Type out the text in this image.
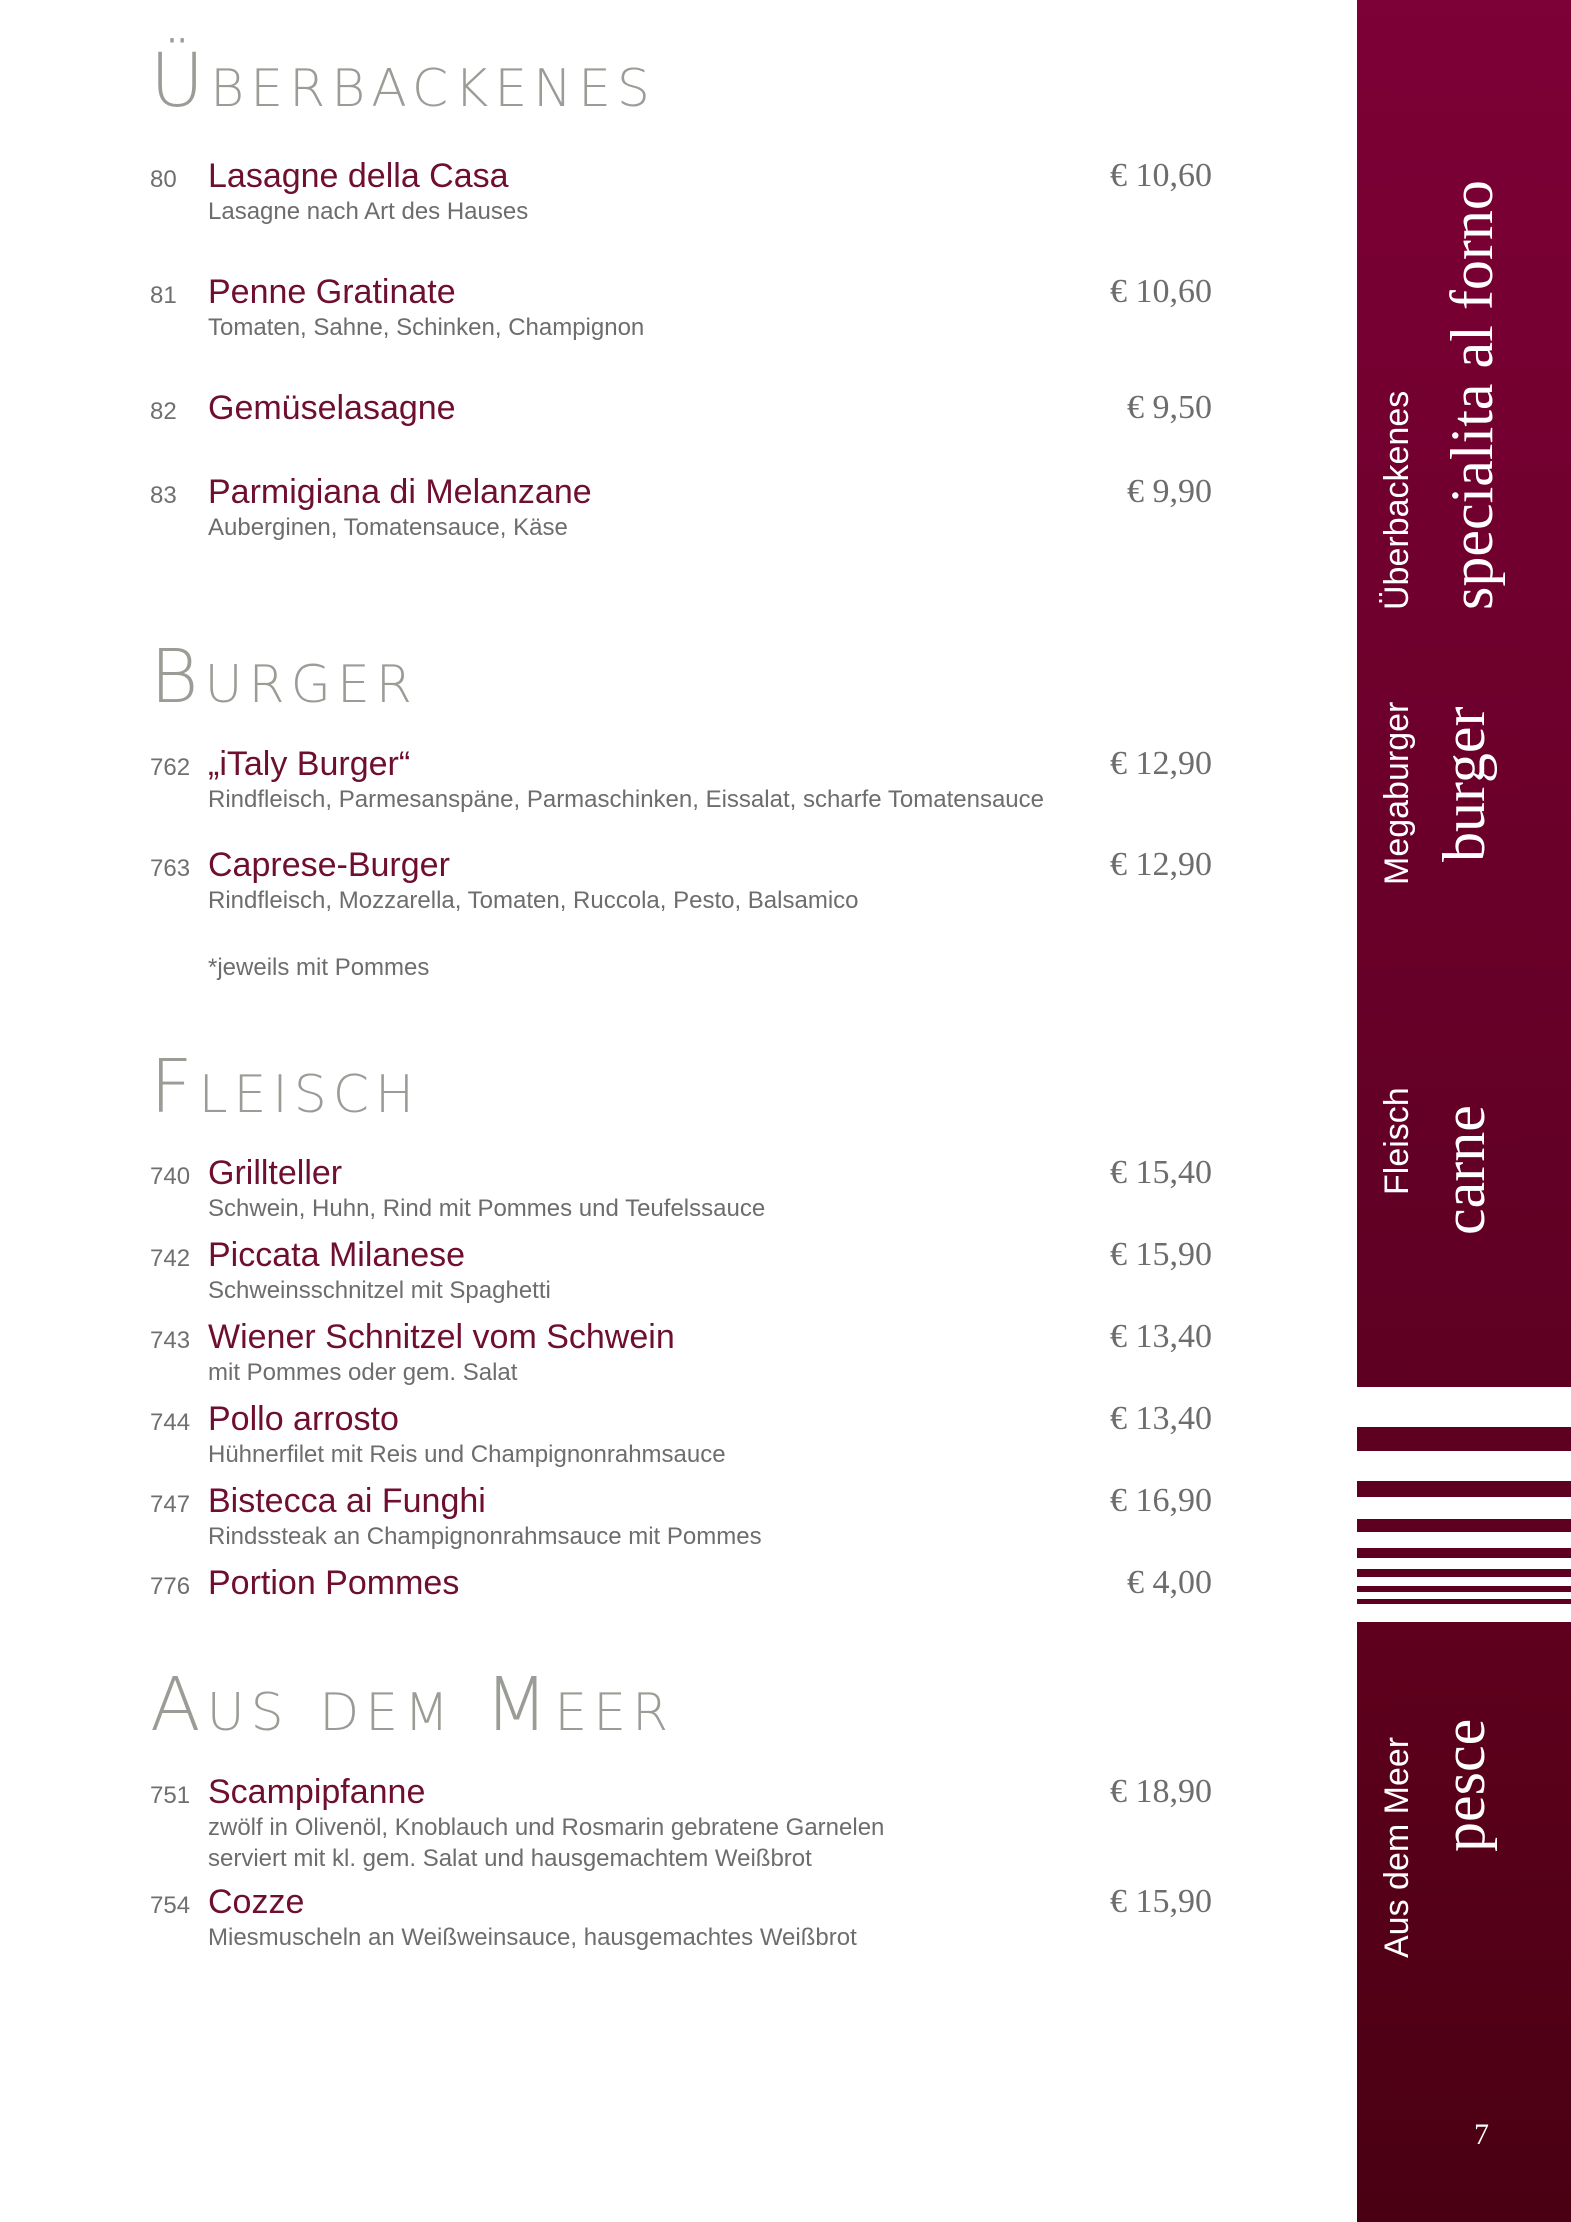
Überbackenes
80 Lasagne della Casa	€ 10,60
Lasagne nach Art des Hauses
81 Penne Gratinate	€ 10,60
Tomaten, Sahne, Schinken, Champignon
82 Gemüselasagne	€ 9,50
83 Parmigiana di Melanzane	€ 9,90
Auberginen, Tomatensauce, Käse
Burger
762 „iTaly Burger“	€ 12,90
Rindfleisch, Parmesanspäne, Parmaschinken, Eissalat, scharfe Tomatensauce
763 Caprese-Burger	€ 12,90
Rindfleisch, Mozzarella, Tomaten, Ruccola, Pesto, Balsamico

*jeweils mit Pommes

Fleisch
740 Grillteller	€ 15,40
Schwein, Huhn, Rind mit Pommes und Teufelssauce
742 Piccata Milanese	€ 15,90
Schweinsschnitzel mit Spaghetti
743 Wiener Schnitzel vom Schwein	€ 13,40
mit Pommes oder gem. Salat
744 Pollo arrosto	€ 13,40
Hühnerfilet mit Reis und Champignonrahmsauce
747 Bistecca ai Funghi	€ 16,90
Rindssteak an Champignonrahmsauce mit Pommes
776 Portion Pommes	€ 4,00
Aus dem Meer
751 Scampipfanne	€ 18,90
zwölf in Olivenöl, Knoblauch und Rosmarin gebratene Garnelen
serviert mit kl. gem. Salat und hausgemachtem Weißbrot
754 Cozze	€ 15,90
Miesmuscheln an Weißweinsauce, hausgemachtes Weißbrot
Überbackenes specialita al forno
Megaburger burger
Fleisch carne
Aus dem Meer pesce
7
